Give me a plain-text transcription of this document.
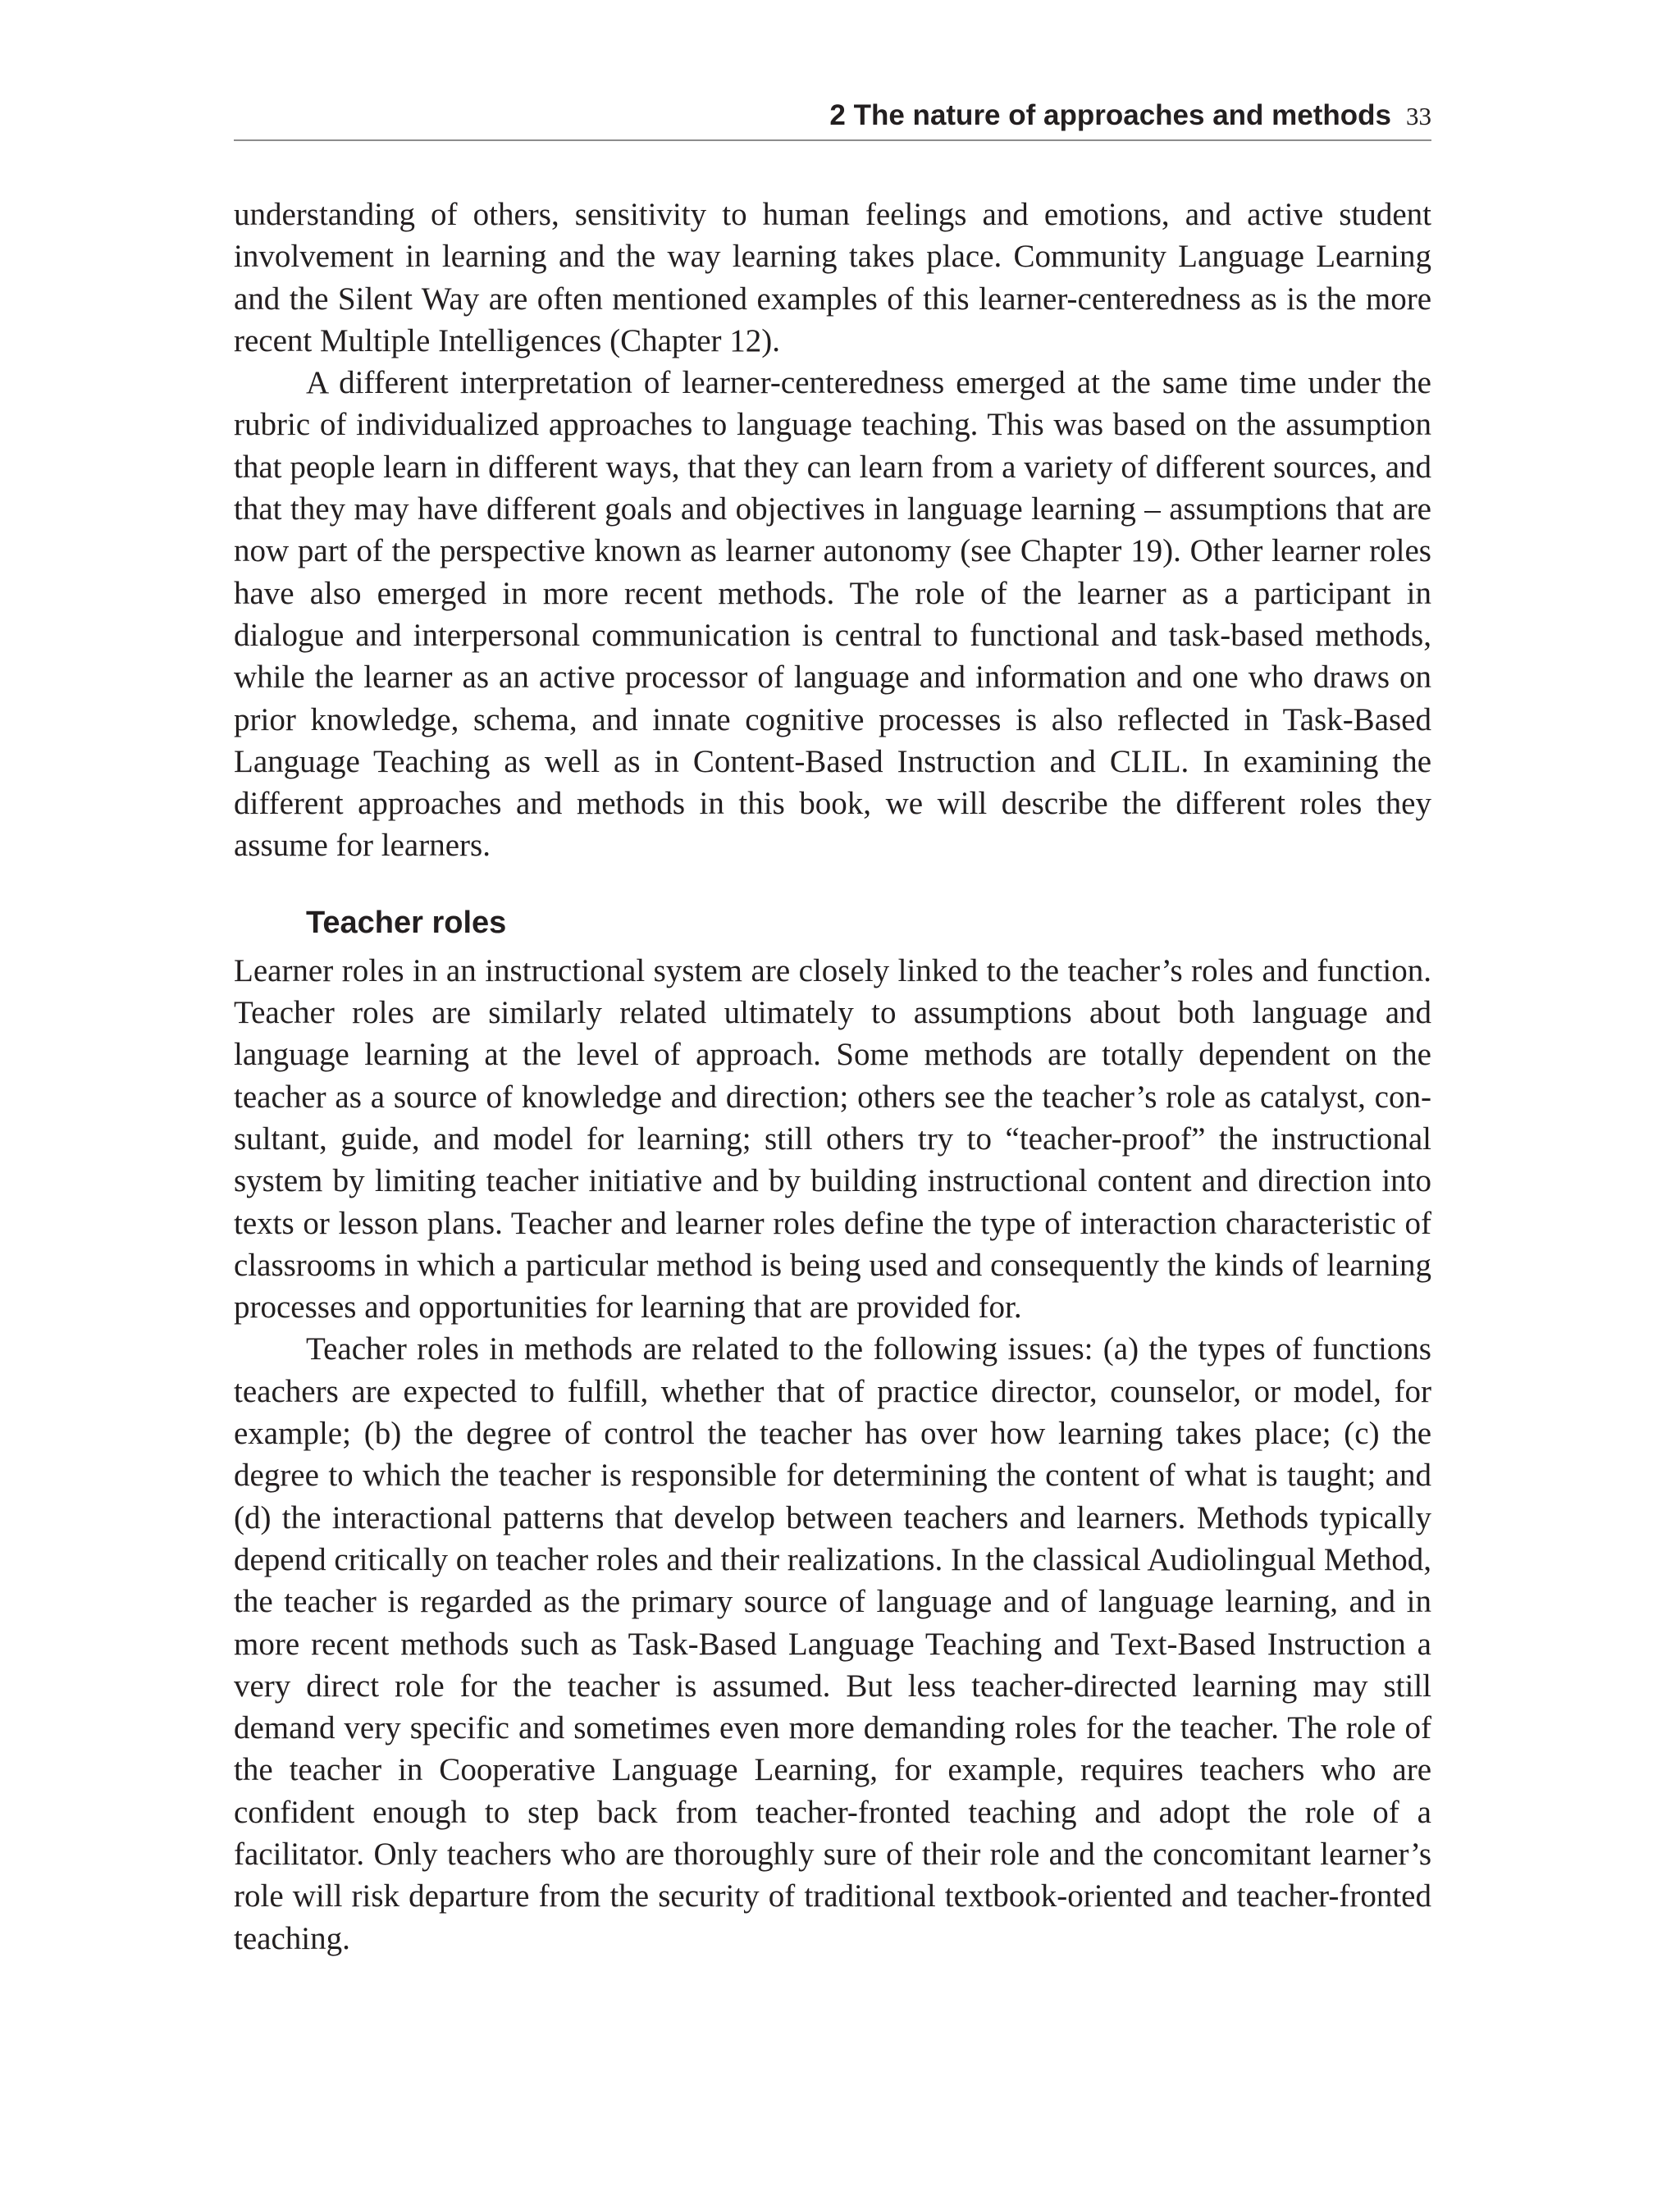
2 The nature of approaches and methods 33

understanding of others, sensitivity to human feelings and emotions, and active student involvement in learning and the way learning takes place. Community Language Learning and the Silent Way are often mentioned examples of this learner-centeredness as is the more recent Multiple Intelligences (Chapter 12).

A different interpretation of learner-centeredness emerged at the same time under the rubric of individualized approaches to language teaching. This was based on the assumption that people learn in different ways, that they can learn from a variety of different sources, and that they may have different goals and objectives in language learning – assumptions that are now part of the perspective known as learner autonomy (see Chapter 19). Other learner roles have also emerged in more recent methods. The role of the learner as a participant in dialogue and interpersonal communication is central to functional and task-based methods, while the learner as an active processor of language and information and one who draws on prior knowledge, schema, and innate cognitive processes is also reflected in Task-Based Language Teaching as well as in Content-Based Instruction and CLIL. In examining the different approaches and methods in this book, we will describe the different roles they assume for learners.

Teacher roles

Learner roles in an instructional system are closely linked to the teacher’s roles and function. Teacher roles are similarly related ultimately to assumptions about both language and language learning at the level of approach. Some methods are totally dependent on the teacher as a source of knowledge and direction; others see the teacher’s role as catalyst, consultant, guide, and model for learning; still others try to “teacher-proof” the instructional system by limiting teacher initiative and by building instructional content and direction into texts or lesson plans. Teacher and learner roles define the type of interaction characteristic of classrooms in which a particular method is being used and consequently the kinds of learning processes and opportunities for learning that are provided for.

Teacher roles in methods are related to the following issues: (a) the types of functions teachers are expected to fulfill, whether that of practice director, counselor, or model, for example; (b) the degree of control the teacher has over how learning takes place; (c) the degree to which the teacher is responsible for determining the content of what is taught; and (d) the interactional patterns that develop between teachers and learners. Methods typically depend critically on teacher roles and their realizations. In the classical Audiolingual Method, the teacher is regarded as the primary source of language and of language learning, and in more recent methods such as Task-Based Language Teaching and Text-Based Instruction a very direct role for the teacher is assumed. But less teacher-directed learning may still demand very specific and sometimes even more demanding roles for the teacher. The role of the teacher in Cooperative Language Learning, for example, requires teachers who are confident enough to step back from teacher-fronted teaching and adopt the role of a facilitator. Only teachers who are thoroughly sure of their role and the concomitant learner’s role will risk departure from the security of traditional textbook-oriented and teacher-fronted teaching.
